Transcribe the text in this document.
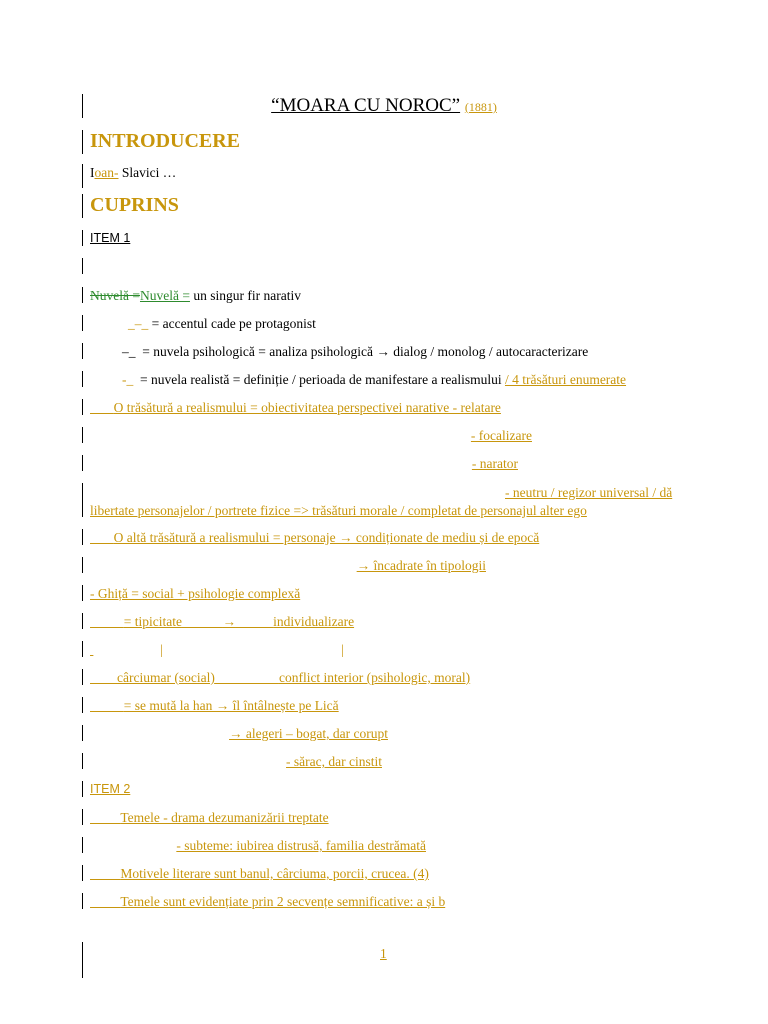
“MOARA CU NOROC” (1881)
INTRODUCERE
Ioan- Slavici …
CUPRINS
ITEM 1
Nuvelă =Nuvelă = un singur fir narativ
_–_ = accentul cade pe protagonist
–_ = nuvela psihologică = analiza psihologică → dialog / monolog / autocaracterizare
-_ = nuvela realistă = definiție / perioada de manifestare a realismului / 4 trăsături enumerate
O trăsătură a realismului = obiectivitatea perspectivei narative - relatare
- focalizare
- narator
- neutru / regizor universal / dă libertate personajelor / portrete fizice => trăsături morale / completat de personajul alter ego
O altă trăsătură a realismului = personaje → condiționate de mediu și de epocă
→ încadrate în tipologii
- Ghiță = social + psihologie complexă
= tipicitate	→	individualizare
|	|

cârciumar (social)	conflict interior (psihologic, moral)
= se mută la han → îl întâlnește pe Lică
→ alegeri – bogat, dar corupt
- sărac, dar cinstit
ITEM 2
Temele - drama dezumanizării treptate
- subteme: iubirea distrusă, familia destrămată
Motivele literare sunt banul, cârciuma, porcii, crucea. (4)
Temele sunt evidențiate prin 2 secvențe semnificative: a și b
1
